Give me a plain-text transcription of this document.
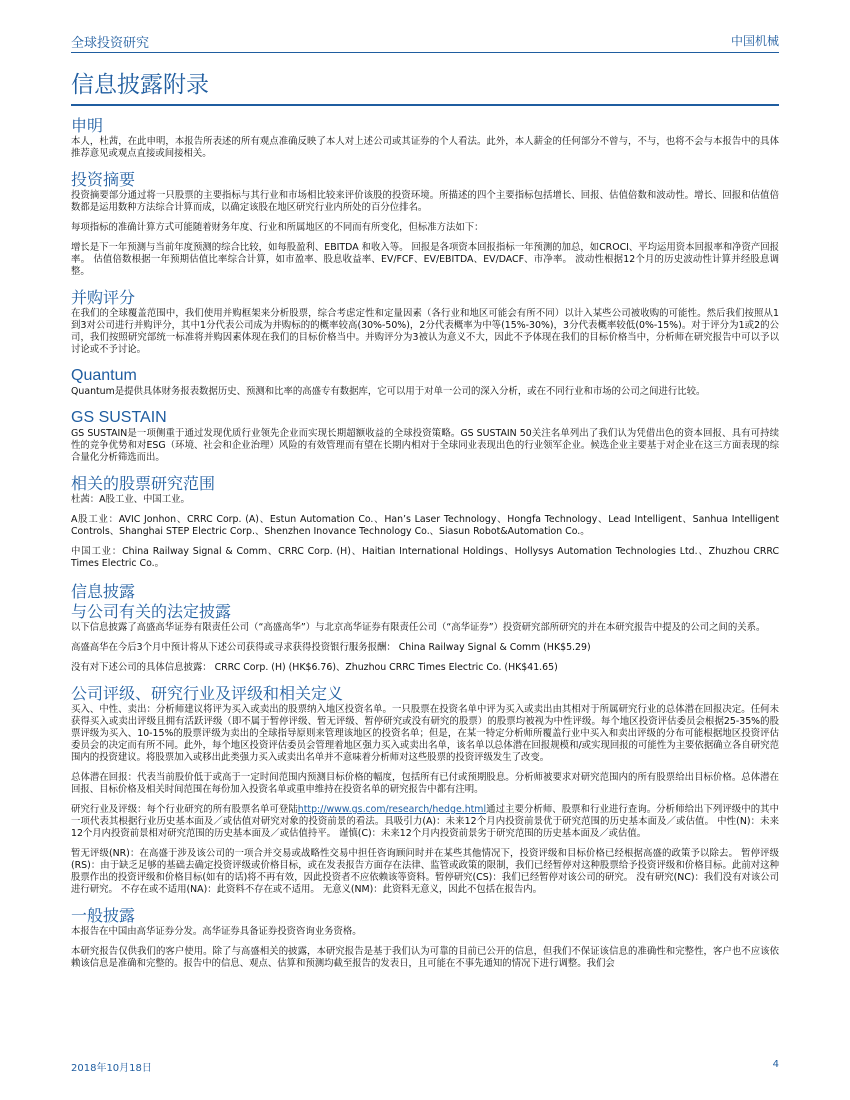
全球投资研究	中国机械
信息披露附录
申明

本人，杜茜，在此申明，本报告所表述的所有观点准确反映了本人对上述公司或其证券的个人看法。此外，本人薪金的任何部分不曾与，不与，也将不会与本报告中的具体推荐意见或观点直接或间接相关。

投资摘要

投资摘要部分通过将一只股票的主要指标与其行业和市场相比较来评价该股的投资环境。所描述的四个主要指标包括增长、回报、估值倍数和波动性。增长、回报和估值倍数都是运用数种方法综合计算而成，以确定该股在地区研究行业内所处的百分位排名。

每项指标的准确计算方式可能随着财务年度、行业和所属地区的不同而有所变化，但标准方法如下：

增长是下一年预测与当前年度预测的综合比较，如每股盈利、EBITDA 和收入等。 回报是各项资本回报指标一年预测的加总，如CROCI、平均运用资本回报率和净资产回报率。 估值倍数根据一年预期估值比率综合计算，如市盈率、股息收益率、EV/FCF、EV/EBITDA、EV/DACF、市净率。 波动性根据12个月的历史波动性计算并经股息调整。

并购评分

在我们的全球覆盖范围中，我们使用并购框架来分析股票，综合考虑定性和定量因素（各行业和地区可能会有所不同）以计入某些公司被收购的可能性。然后我们按照从1到3对公司进行并购评分，其中1分代表公司成为并购标的的概率较高(30%-50%)，2分代表概率为中等(15%-30%)，3分代表概率较低(0%-15%)。对于评分为1或2的公司，我们按照研究部统一标准将并购因素体现在我们的目标价格当中。并购评分为3被认为意义不大，因此不予体现在我们的目标价格当中，分析师在研究报告中可以予以讨论或不予讨论。

Quantum

Quantum是提供具体财务报表数据历史、预测和比率的高盛专有数据库，它可以用于对单一公司的深入分析，或在不同行业和市场的公司之间进行比较。

GS SUSTAIN

GS SUSTAIN是一项侧重于通过发现优质行业领先企业而实现长期超额收益的全球投资策略。GS SUSTAIN 50关注名单列出了我们认为凭借出色的资本回报、具有可持续性的竞争优势和对ESG（环境、社会和企业治理）风险的有效管理而有望在长期内相对于全球同业表现出色的行业领军企业。候选企业主要基于对企业在这三方面表现的综合量化分析筛选而出。

相关的股票研究范围

杜茜：A股工业、中国工业。

A股工业：AVIC Jonhon、CRRC Corp. (A)、Estun Automation Co.、Han’s Laser Technology、Hongfa Technology、Lead Intelligent、Sanhua Intelligent Controls、Shanghai STEP Electric Corp.、Shenzhen Inovance Technology Co.、Siasun Robot&Automation Co.。

中国工业：China Railway Signal & Comm、CRRC Corp. (H)、Haitian International Holdings、Hollysys Automation Technologies Ltd.、Zhuzhou CRRC Times Electric Co.。

信息披露
与公司有关的法定披露

以下信息披露了高盛高华证券有限责任公司（“高盛高华”）与北京高华证券有限责任公司（“高华证券”）投资研究部所研究的并在本研究报告中提及的公司之间的关系。

高盛高华在今后3个月中预计将从下述公司获得或寻求获得投资银行服务报酬： China Railway Signal & Comm (HK$5.29)

没有对下述公司的具体信息披露： CRRC Corp. (H) (HK$6.76)、Zhuzhou CRRC Times Electric Co. (HK$41.65)

公司评级、研究行业及评级和相关定义

买入、中性、卖出：分析师建议将评为买入或卖出的股票纳入地区投资名单。一只股票在投资名单中评为买入或卖出由其相对于所属研究行业的总体潜在回报决定。任何未获得买入或卖出评级且拥有活跃评级（即不属于暂停评级、暂无评级、暂停研究或没有研究的股票）的股票均被视为中性评级。每个地区投资评估委员会根据25-35%的股票评级为买入、10-15%的股票评级为卖出的全球指导原则来管理该地区的投资名单；但是，在某一特定分析师所覆盖行业中买入和卖出评级的分布可能根据地区投资评估委员会的决定而有所不同。此外，每个地区投资评估委员会管理着地区强力买入或卖出名单，该名单以总体潜在回报规模和/或实现回报的可能性为主要依据确立各自研究范围内的投资建议。将股票加入或移出此类强力买入或卖出名单并不意味着分析师对这些股票的投资评级发生了改变。

总体潜在回报：代表当前股价低于或高于一定时间范围内预测目标价格的幅度，包括所有已付或预期股息。分析师被要求对研究范围内的所有股票给出目标价格。总体潜在回报、目标价格及相关时间范围在每份加入投资名单或重申维持在投资名单的研究报告中都有注明。

研究行业及评级：每个行业研究的所有股票名单可登陆http://www.gs.com/research/hedge.html通过主要分析师、股票和行业进行查询。分析师给出下列评级中的其中一项代表其根据行业历史基本面及／或估值对研究对象的投资前景的看法。具吸引力(A)：未来12个月内投资前景优于研究范围的历史基本面及／或估值。 中性(N)：未来12个月内投资前景相对研究范围的历史基本面及／或估值持平。 谨慎(C)：未来12个月内投资前景劣于研究范围的历史基本面及／或估值。

暂无评级(NR)：在高盛于涉及该公司的一项合并交易或战略性交易中担任咨询顾问时并在某些其他情况下，投资评级和目标价格已经根据高盛的政策予以除去。 暂停评级(RS)：由于缺乏足够的基础去确定投资评级或价格目标，或在发表报告方面存在法律、监管或政策的限制，我们已经暂停对这种股票给予投资评级和价格目标。此前对这种股票作出的投资评级和价格目标(如有的话)将不再有效，因此投资者不应依赖该等资料。暂停研究(CS)：我们已经暂停对该公司的研究。 没有研究(NC)：我们没有对该公司进行研究。 不存在或不适用(NA)：此资料不存在或不适用。 无意义(NM)：此资料无意义，因此不包括在报告内。

一般披露

本报告在中国由高华证券分发。高华证券具备证券投资咨询业务资格。

本研究报告仅供我们的客户使用。除了与高盛相关的披露，本研究报告是基于我们认为可靠的目前已公开的信息，但我们不保证该信息的准确性和完整性，客户也不应该依赖该信息是准确和完整的。报告中的信息、观点、估算和预测均截至报告的发表日，且可能在不事先通知的情况下进行调整。我们会

2018年10月18日	4
